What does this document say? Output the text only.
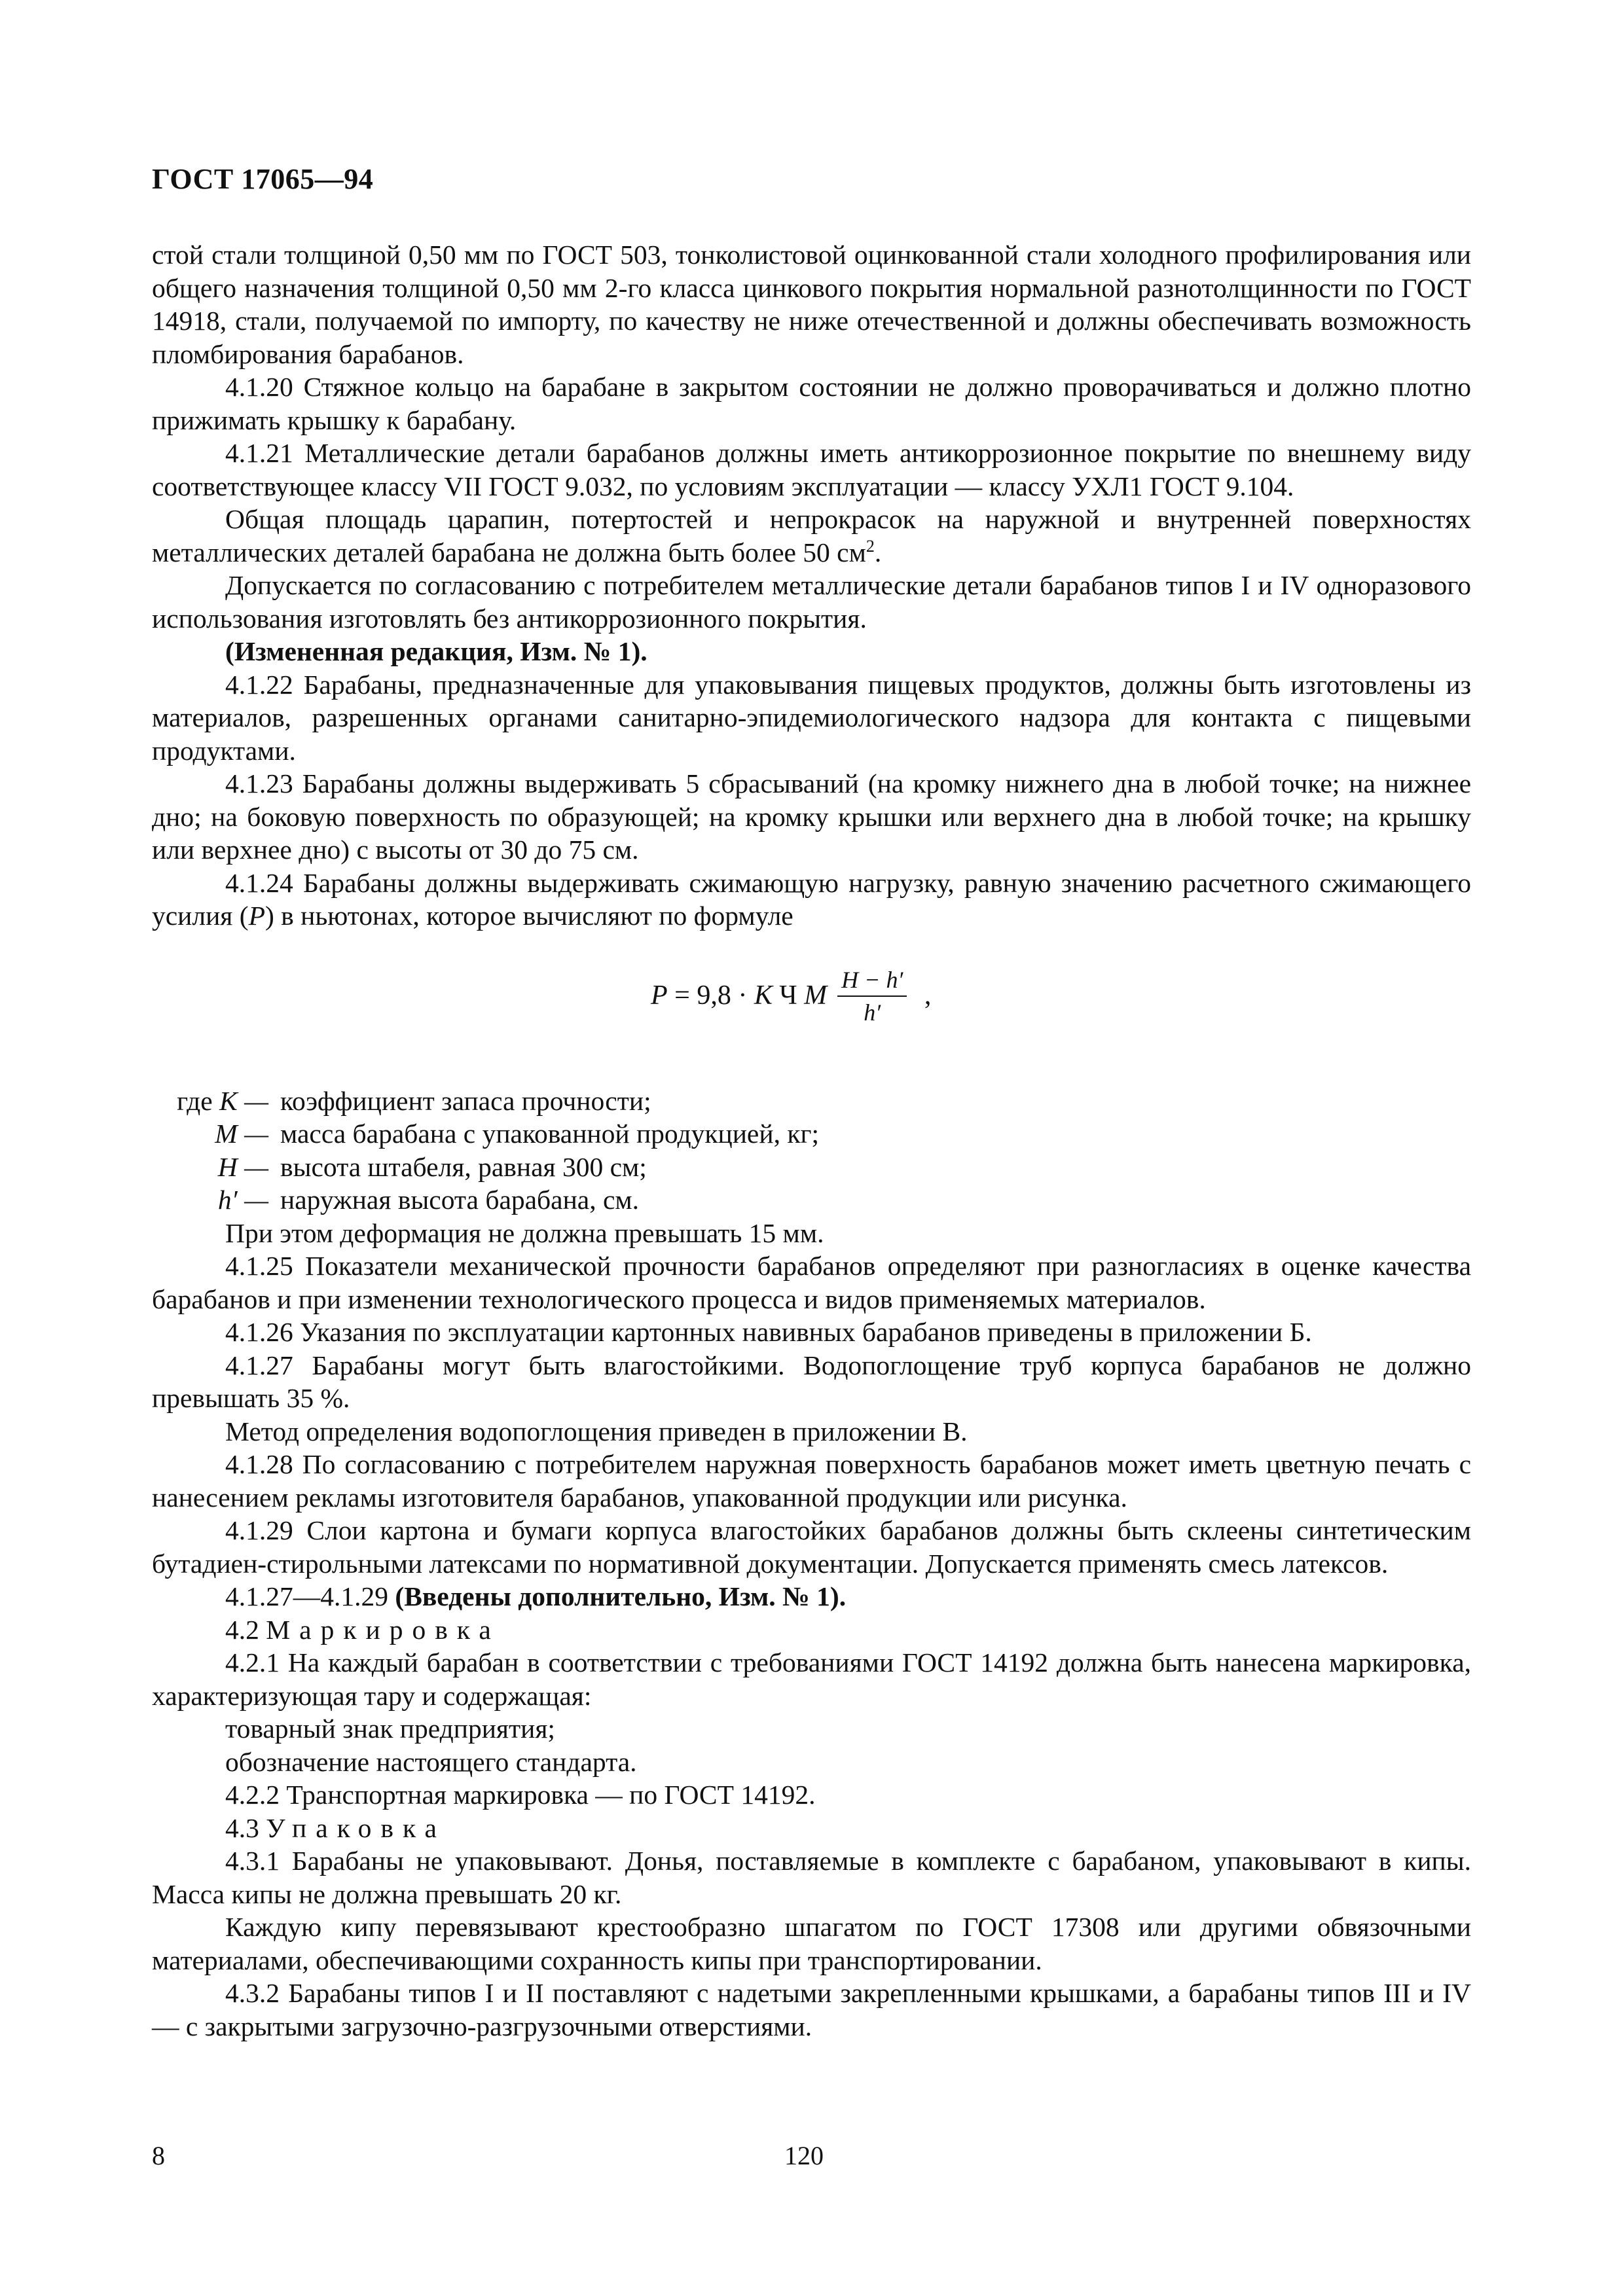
ГОСТ 17065—94

стой стали толщиной 0,50 мм по ГОСТ 503, тонколистовой оцинкованной стали холодного профилирования или общего назначения толщиной 0,50 мм 2-го класса цинкового покрытия нормальной разнотолщинности по ГОСТ 14918, стали, получаемой по импорту, по качеству не ниже отечественной и должны обеспечивать возможность пломбирования барабанов.

4.1.20 Стяжное кольцо на барабане в закрытом состоянии не должно проворачиваться и должно плотно прижимать крышку к барабану.

4.1.21 Металлические детали барабанов должны иметь антикоррозионное покрытие по внешнему виду соответствующее классу VII ГОСТ 9.032, по условиям эксплуатации — классу УХЛ1 ГОСТ 9.104.

Общая площадь царапин, потертостей и непрокрасок на наружной и внутренней поверхностях металлических деталей барабана не должна быть более 50 $см^2$.

Допускается по согласованию с потребителем металлические детали барабанов типов I и IV одноразового использования изготовлять без антикоррозионного покрытия.

(Измененная редакция, Изм. № 1).

4.1.22 Барабаны, предназначенные для упаковывания пищевых продуктов, должны быть изготовлены из материалов, разрешенных органами санитарно-эпидемиологического надзора для контакта с пищевыми продуктами.

4.1.23 Барабаны должны выдерживать 5 сбрасываний (на кромку нижнего дна в любой точке; на нижнее дно; на боковую поверхность по образующей; на кромку крышки или верхнего дна в любой точке; на крышку или верхнее дно) с высоты от 30 до 75 см.

4.1.24 Барабаны должны выдерживать сжимающую нагрузку, равную значению расчетного сжимающего усилия (P) в ньютонах, которое вычисляют по формуле

P = 9,8 · K Ч M $\frac{H - h'}{h'}$ ,
где K — коэффициент запаса прочности;
M — масса барабана с упакованной продукцией, кг;
H — высота штабеля, равная 300 см;
h′ — наружная высота барабана, см.

При этом деформация не должна превышать 15 мм.

4.1.25 Показатели механической прочности барабанов определяют при разногласиях в оценке качества барабанов и при изменении технологического процесса и видов применяемых материалов.

4.1.26 Указания по эксплуатации картонных навивных барабанов приведены в приложении Б.

4.1.27 Барабаны могут быть влагостойкими. Водопоглощение труб корпуса барабанов не должно превышать 35 %.

Метод определения водопоглощения приведен в приложении В.

4.1.28 По согласованию с потребителем наружная поверхность барабанов может иметь цветную печать с нанесением рекламы изготовителя барабанов, упакованной продукции или рисунка.

4.1.29 Слои картона и бумаги корпуса влагостойких барабанов должны быть склеены синтетическим бутадиен-стирольными латексами по нормативной документации. Допускается применять смесь латексов.

4.1.27—4.1.29 (Введены дополнительно, Изм. № 1).

4.2 Маркировка

4.2.1 На каждый барабан в соответствии с требованиями ГОСТ 14192 должна быть нанесена маркировка, характеризующая тару и содержащая:

товарный знак предприятия;

обозначение настоящего стандарта.

4.2.2 Транспортная маркировка — по ГОСТ 14192.

4.3 Упаковка

4.3.1 Барабаны не упаковывают. Донья, поставляемые в комплекте с барабаном, упаковывают в кипы. Масса кипы не должна превышать 20 кг.

Каждую кипу перевязывают крестообразно шпагатом по ГОСТ 17308 или другими обвязочными материалами, обеспечивающими сохранность кипы при транспортировании.

4.3.2 Барабаны типов I и II поставляют с надетыми закрепленными крышками, а барабаны типов III и IV — с закрытыми загрузочно-разгрузочными отверстиями.

8	120
